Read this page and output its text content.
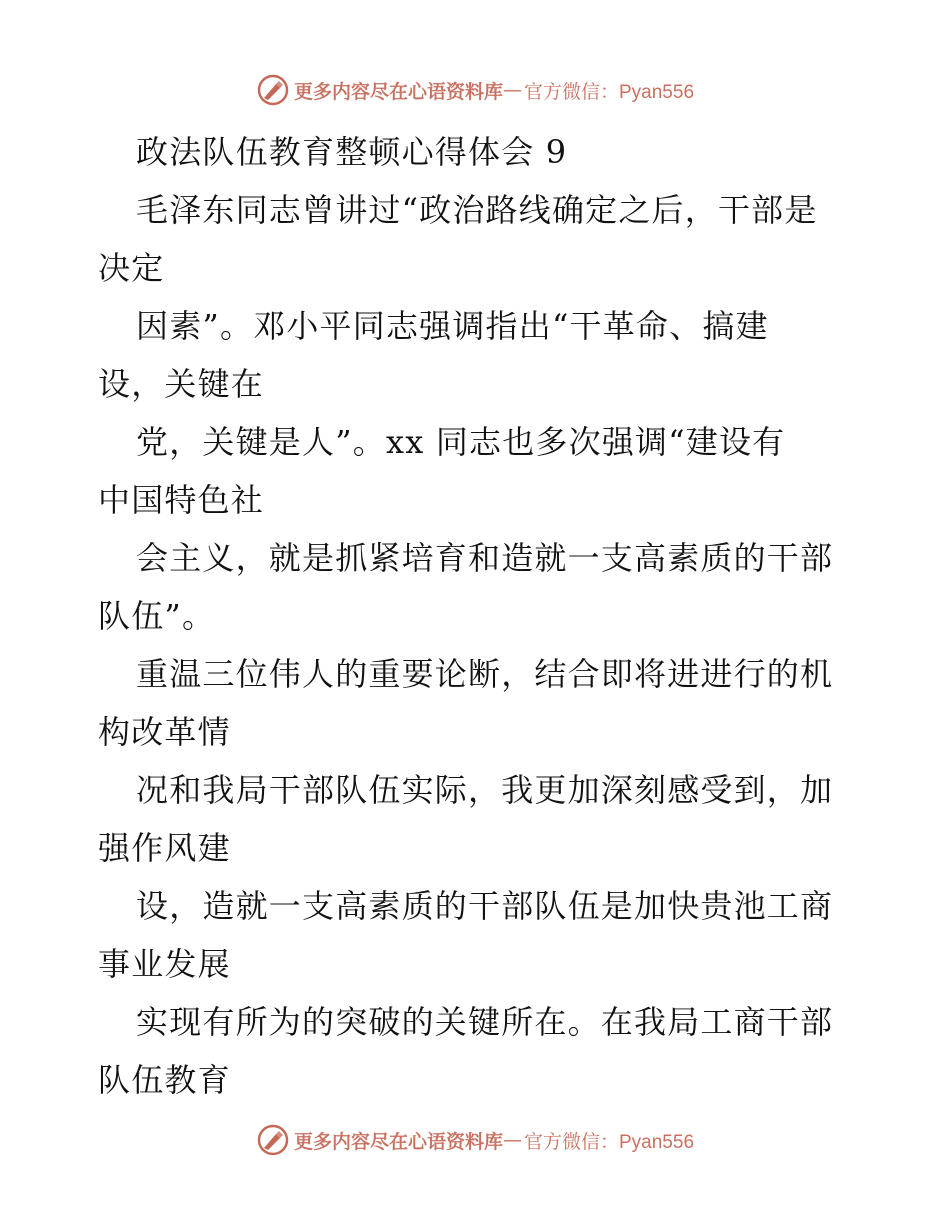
更多内容尽在心语资料库 — 官方微信：Pyan556
政法队伍教育整顿心得体会 9
毛泽东同志曾讲过“政治路线确定之后，干部是
决定
因素”。邓小平同志强调指出“干革命、搞建
设，关键在
党，关键是人”。xx 同志也多次强调“建设有
中国特色社
会主义，就是抓紧培育和造就一支高素质的干部
队伍”。
重温三位伟人的重要论断，结合即将进进行的机
构改革情
况和我局干部队伍实际，我更加深刻感受到，加
强作风建
设，造就一支高素质的干部队伍是加快贵池工商
事业发展
实现有所为的突破的关键所在。在我局工商干部
队伍教育
更多内容尽在心语资料库 — 官方微信：Pyan556
